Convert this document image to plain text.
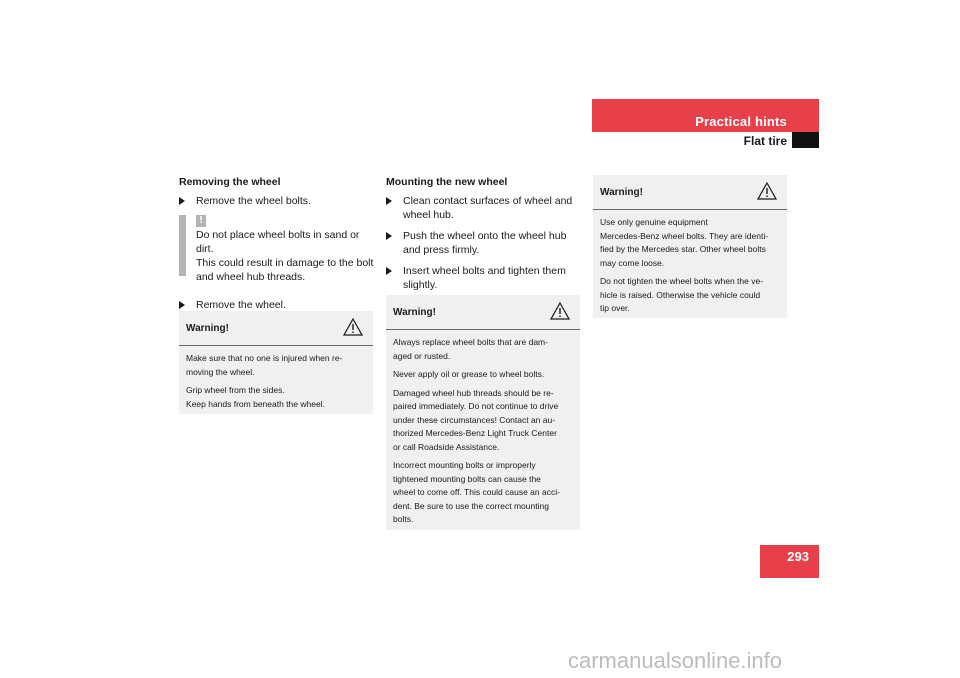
Practical hints
Flat tire
Removing the wheel
Remove the wheel bolts.
!
Do not place wheel bolts in sand or dirt.
This could result in damage to the bolt
and wheel hub threads.
Remove the wheel.
Warning!

Make sure that no one is injured when re-
moving the wheel.

Grip wheel from the sides.
Keep hands from beneath the wheel.

Mounting the new wheel
Clean contact surfaces of wheel and wheel hub.
Push the wheel onto the wheel hub and press firmly.
Insert wheel bolts and tighten them slightly.
Warning!

Always replace wheel bolts that are dam-
aged or rusted.

Never apply oil or grease to wheel bolts.

Damaged wheel hub threads should be re-
paired immediately. Do not continue to drive
under these circumstances! Contact an au-
thorized Mercedes-Benz Light Truck Center
or call Roadside Assistance.

Incorrect mounting bolts or improperly
tightened mounting bolts can cause the
wheel to come off. This could cause an acci-
dent. Be sure to use the correct mounting
bolts.

Warning!

Use only genuine equipment
Mercedes-Benz wheel bolts. They are identi-
fied by the Mercedes star. Other wheel bolts
may come loose.

Do not tighten the wheel bolts when the ve-
hicle is raised. Otherwise the vehicle could
tip over.

293
carmanualsonline.info
